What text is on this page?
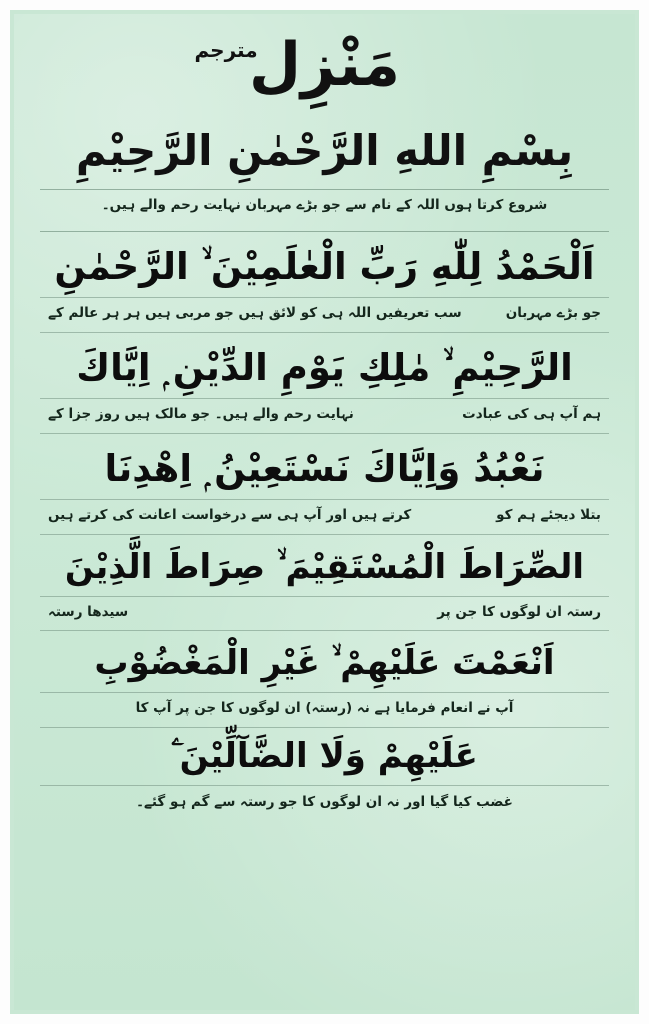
مَنْزِل
مترجم
بِسْمِ اللهِ الرَّحْمٰنِ الرَّحِيْمِ
شروع کرتا ہوں اللہ کے نام سے جو بڑے مہربان نہایت رحم والے ہیں۔
اَلْحَمْدُ لِلّٰهِ رَبِّ الْعٰلَمِيْنَ ۙ الرَّحْمٰنِ
سب تعریفیں اللہ ہی کو لائق ہیں جو مربی ہیں ہر ہر عالم کے	جو بڑے مہربان
الرَّحِيْمِ ۙ مٰلِكِ يَوْمِ الدِّيْنِ ۭ اِيَّاكَ
نہایت رحم والے ہیں۔ جو مالک ہیں روز جزا کے	ہم آپ ہی کی عبادت
نَعْبُدُ وَاِيَّاكَ نَسْتَعِيْنُ ۭ اِهْدِنَا
کرتے ہیں اور آپ ہی سے درخواست اعانت کی کرتے ہیں	بتلا دیجئے ہم کو
الصِّرَاطَ الْمُسْتَقِيْمَ ۙ صِرَاطَ الَّذِيْنَ
سیدھا رستہ	رستہ ان لوگوں کا جن پر
اَنْعَمْتَ عَلَيْهِمْ ۙ غَيْرِ الْمَغْضُوْبِ
آپ نے انعام فرمایا ہے نہ (رستہ) ان لوگوں کا جن پر آپ کا
عَلَيْهِمْ وَلَا الضَّآلِّيْنَ ۧ
غضب کیا گیا اور نہ ان لوگوں کا جو رستہ سے گم ہو گئے۔
